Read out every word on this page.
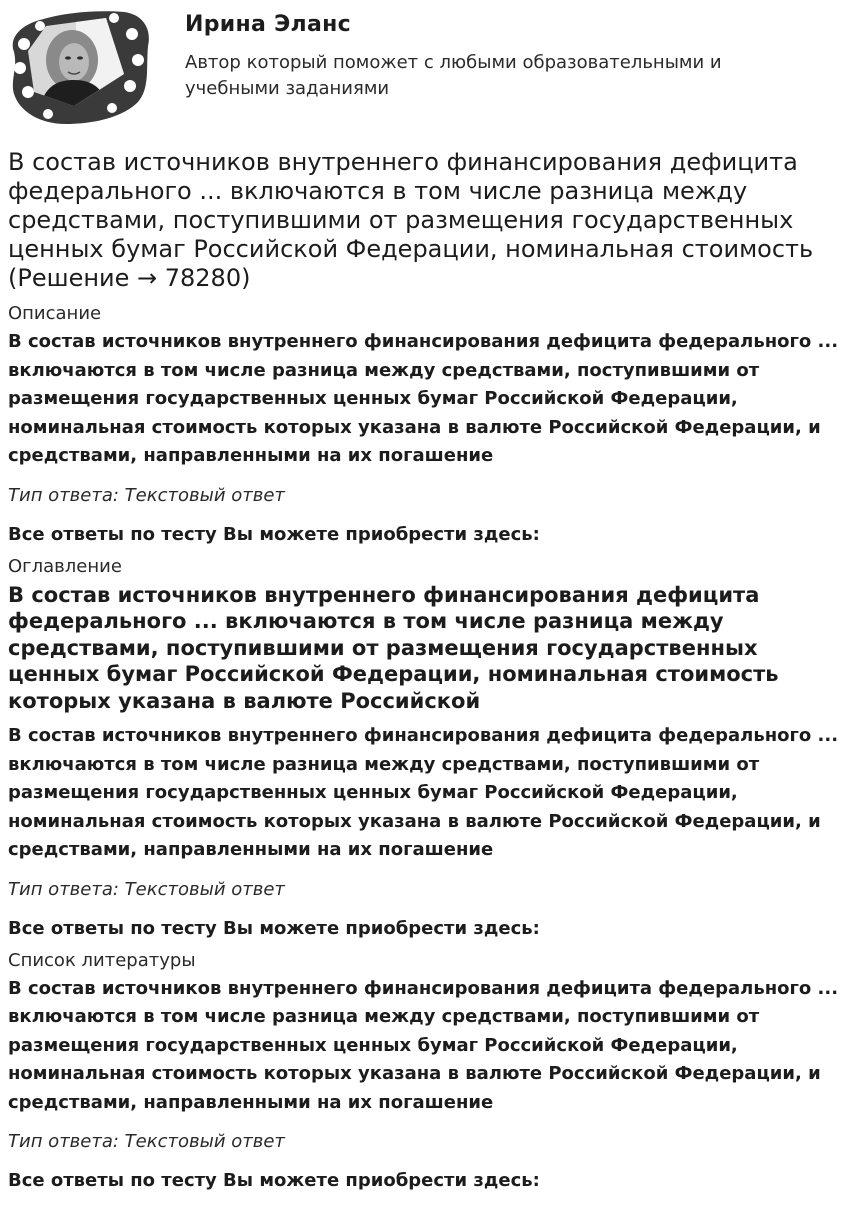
Ирина Эланс
Автор который поможет с любыми образовательными и учебными заданиями
В состав источников внутреннего финансирования дефицита федерального ... включаются в том числе разница между средствами, поступившими от размещения государственных ценных бумаг Российской Федерации, номинальная стоимость (Решение → 78280)
Описание
В состав источников внутреннего финансирования дефицита федерального ... включаются в том числе разница между средствами, поступившими от размещения государственных ценных бумаг Российской Федерации, номинальная стоимость которых указана в валюте Российской Федерации, и средствами, направленными на их погашение
Тип ответа: Текстовый ответ
Все ответы по тесту Вы можете приобрести здесь:
Оглавление
В состав источников внутреннего финансирования дефицита федерального ... включаются в том числе разница между средствами, поступившими от размещения государственных ценных бумаг Российской Федерации, номинальная стоимость которых указана в валюте Российской
В состав источников внутреннего финансирования дефицита федерального ... включаются в том числе разница между средствами, поступившими от размещения государственных ценных бумаг Российской Федерации, номинальная стоимость которых указана в валюте Российской Федерации, и средствами, направленными на их погашение
Тип ответа: Текстовый ответ
Все ответы по тесту Вы можете приобрести здесь:
Список литературы
В состав источников внутреннего финансирования дефицита федерального ... включаются в том числе разница между средствами, поступившими от размещения государственных ценных бумаг Российской Федерации, номинальная стоимость которых указана в валюте Российской Федерации, и средствами, направленными на их погашение
Тип ответа: Текстовый ответ
Все ответы по тесту Вы можете приобрести здесь:
